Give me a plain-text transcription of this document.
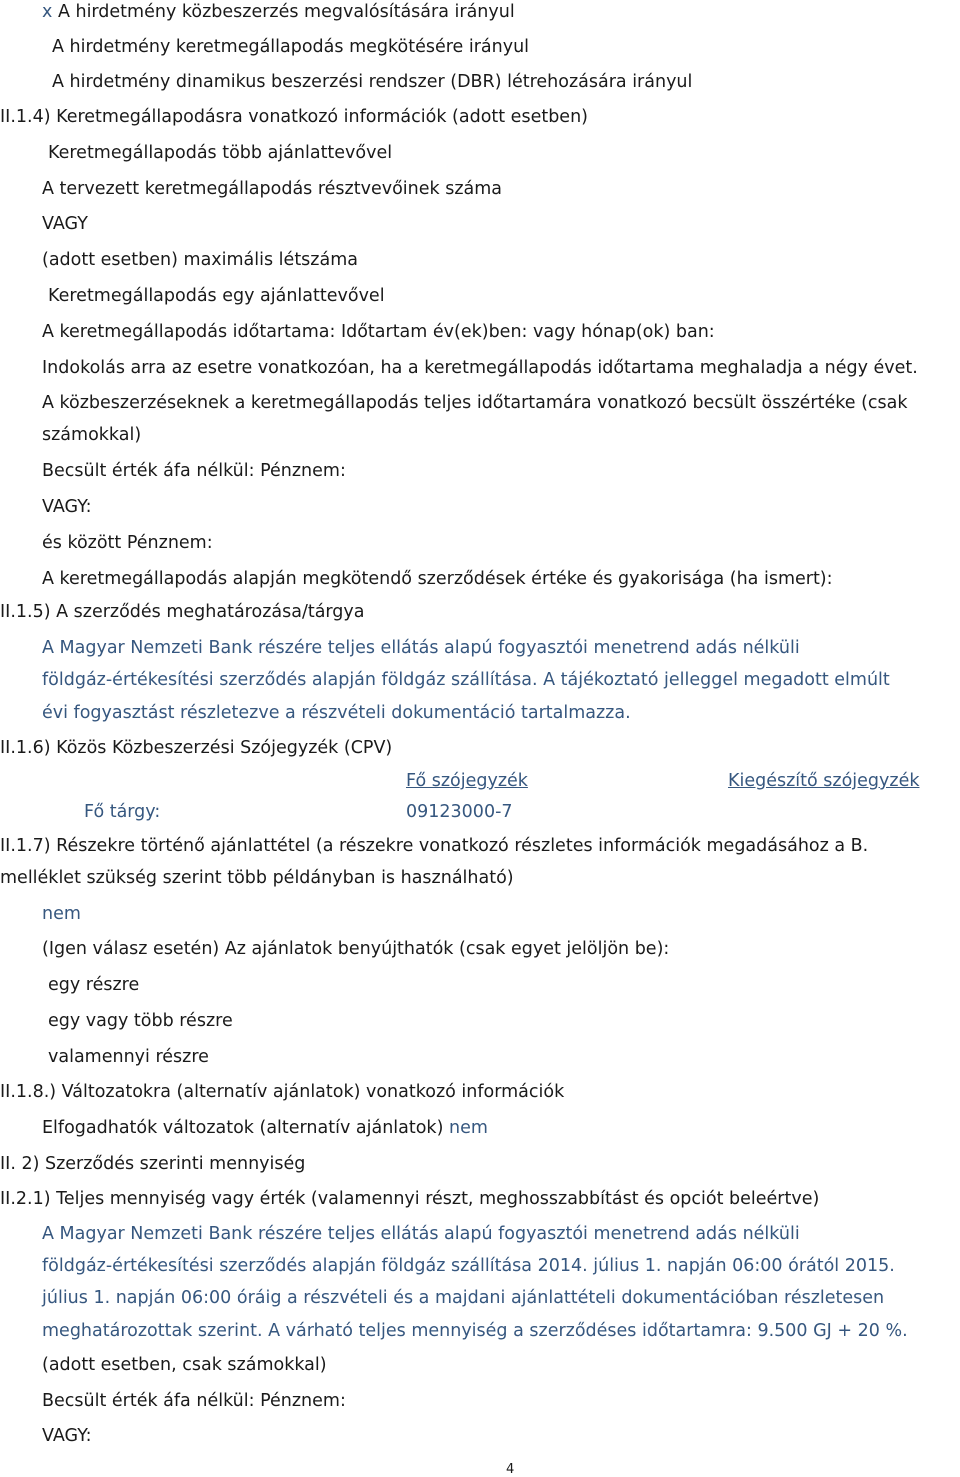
x A hirdetmény közbeszerzés megvalósítására irányul
A hirdetmény keretmegállapodás megkötésére irányul
A hirdetmény dinamikus beszerzési rendszer (DBR) létrehozására irányul
II.1.4) Keretmegállapodásra vonatkozó információk (adott esetben)
Keretmegállapodás több ajánlattevővel
A tervezett keretmegállapodás résztvevőinek száma
VAGY
(adott esetben) maximális létszáma
Keretmegállapodás egy ajánlattevővel
A keretmegállapodás időtartama: Időtartam év(ek)ben: vagy hónap(ok) ban:
Indokolás arra az esetre vonatkozóan, ha a keretmegállapodás időtartama meghaladja a négy évet.
A közbeszerzéseknek a keretmegállapodás teljes időtartamára vonatkozó becsült összértéke (csak
számokkal)
Becsült érték áfa nélkül: Pénznem:
VAGY:
és között Pénznem:
A keretmegállapodás alapján megkötendő szerződések értéke és gyakorisága (ha ismert):
II.1.5) A szerződés meghatározása/tárgya
A Magyar Nemzeti Bank részére teljes ellátás alapú fogyasztói menetrend adás nélküli
földgáz-értékesítési szerződés alapján földgáz szállítása. A tájékoztató jelleggel megadott elmúlt
évi fogyasztást részletezve a részvételi dokumentáció tartalmazza.
II.1.6) Közös Közbeszerzési Szójegyzék (CPV)
Fő szójegyzék	Kiegészítő szójegyzék
Fő tárgy:	09123000-7
II.1.7) Részekre történő ajánlattétel (a részekre vonatkozó részletes információk megadásához a B.
melléklet szükség szerint több példányban is használható)
nem
(Igen válasz esetén) Az ajánlatok benyújthatók (csak egyet jelöljön be):
egy részre
egy vagy több részre
valamennyi részre
II.1.8.) Változatokra (alternatív ajánlatok) vonatkozó információk
Elfogadhatók változatok (alternatív ajánlatok) nem
II. 2) Szerződés szerinti mennyiség
II.2.1) Teljes mennyiség vagy érték (valamennyi részt, meghosszabbítást és opciót beleértve)
A Magyar Nemzeti Bank részére teljes ellátás alapú fogyasztói menetrend adás nélküli
földgáz-értékesítési szerződés alapján földgáz szállítása 2014. július 1. napján 06:00 órától 2015.
július 1. napján 06:00 óráig a részvételi és a majdani ajánlattételi dokumentációban részletesen
meghatározottak szerint. A várható teljes mennyiség a szerződéses időtartamra: 9.500 GJ + 20 %.
(adott esetben, csak számokkal)
Becsült érték áfa nélkül: Pénznem:
VAGY:
4
